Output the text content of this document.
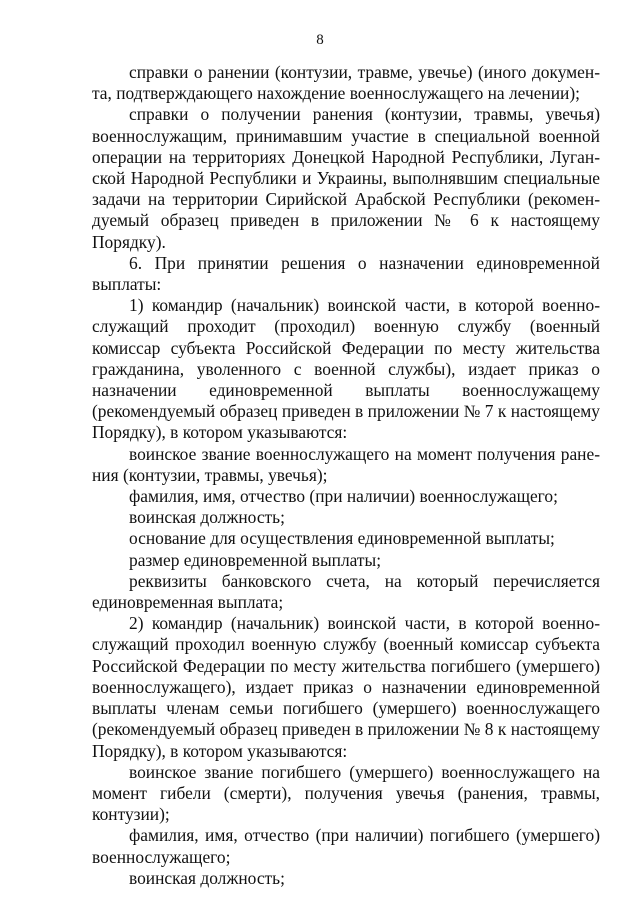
8

справки о ранении (контузии, травме, увечье) (иного документа, подтверждающего нахождение военнослужащего на лечении);

справки о получении ранения (контузии, травмы, увечья) военнослужащим, принимавшим участие в специальной военной операции на территориях Донецкой Народной Республики, Луганской Народной Республики и Украины, выполнявшим специальные задачи на территории Сирийской Арабской Республики (рекомендуемый образец приведен в приложении № 6 к настоящему Порядку).

6. При принятии решения о назначении единовременной выплаты:

1) командир (начальник) воинской части, в которой военнослужащий проходит (проходил) военную службу (военный комиссар субъекта Российской Федерации по месту жительства гражданина, уволенного с военной службы), издает приказ о назначении единовременной выплаты военнослужащему (рекомендуемый образец приведен в приложении № 7 к настоящему Порядку), в котором указываются:

воинское звание военнослужащего на момент получения ранения (контузии, травмы, увечья);

фамилия, имя, отчество (при наличии) военнослужащего;

воинская должность;

основание для осуществления единовременной выплаты;

размер единовременной выплаты;

реквизиты банковского счета, на который перечисляется единовременная выплата;

2) командир (начальник) воинской части, в которой военнослужащий проходил военную службу (военный комиссар субъекта Российской Федерации по месту жительства погибшего (умершего) военнослужащего), издает приказ о назначении единовременной выплаты членам семьи погибшего (умершего) военнослужащего (рекомендуемый образец приведен в приложении № 8 к настоящему Порядку), в котором указываются:

воинское звание погибшего (умершего) военнослужащего на момент гибели (смерти), получения увечья (ранения, травмы, контузии);

фамилия, имя, отчество (при наличии) погибшего (умершего) военнослужащего;

воинская должность;
